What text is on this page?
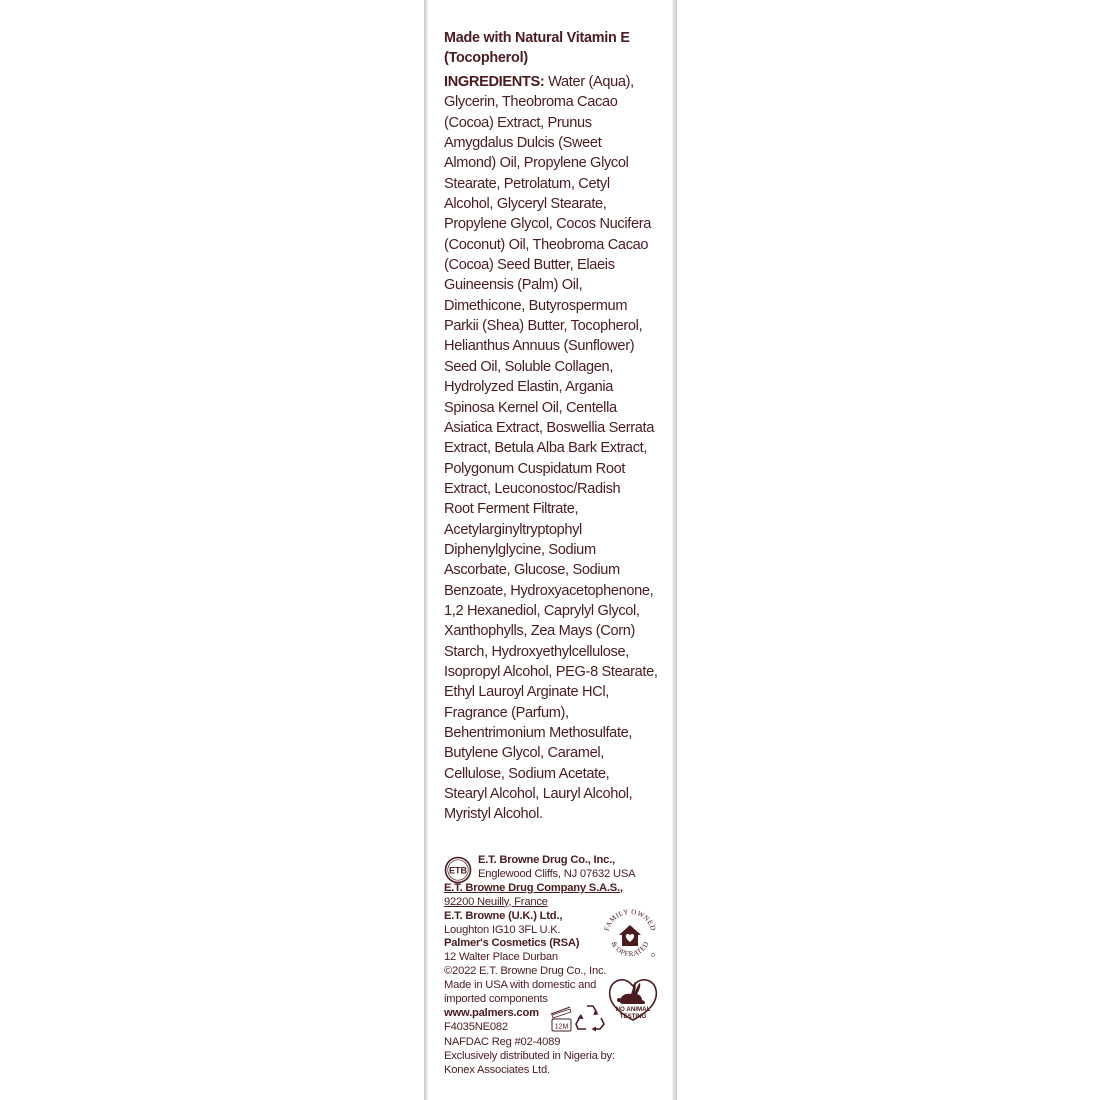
Made with Natural Vitamin E
(Tocopherol)
INGREDIENTS: Water (Aqua),
Glycerin, Theobroma Cacao
(Cocoa) Extract, Prunus
Amygdalus Dulcis (Sweet
Almond) Oil, Propylene Glycol
Stearate, Petrolatum, Cetyl
Alcohol, Glyceryl Stearate,
Propylene Glycol, Cocos Nucifera
(Coconut) Oil, Theobroma Cacao
(Cocoa) Seed Butter, Elaeis
Guineensis (Palm) Oil,
Dimethicone, Butyrospermum
Parkii (Shea) Butter, Tocopherol,
Helianthus Annuus (Sunflower)
Seed Oil, Soluble Collagen,
Hydrolyzed Elastin, Argania
Spinosa Kernel Oil, Centella
Asiatica Extract, Boswellia Serrata
Extract, Betula Alba Bark Extract,
Polygonum Cuspidatum Root
Extract, Leuconostoc/Radish
Root Ferment Filtrate,
Acetylarginyltryptophyl
Diphenylglycine, Sodium
Ascorbate, Glucose, Sodium
Benzoate, Hydroxyacetophenone,
1,2 Hexanediol, Caprylyl Glycol,
Xanthophylls, Zea Mays (Corn)
Starch, Hydroxyethylcellulose,
Isopropyl Alcohol, PEG-8 Stearate,
Ethyl Lauroyl Arginate HCl,
Fragrance (Parfum),
Behentrimonium Methosulfate,
Butylene Glycol, Caramel,
Cellulose, Sodium Acetate,
Stearyl Alcohol, Lauryl Alcohol,
Myristyl Alcohol.
ETB
E.T. Browne Drug Co., Inc.,
Englewood Cliffs, NJ 07632 USA
E.T. Browne Drug Company S.A.S.,
92200 Neuilly, France
E.T. Browne (U.K.) Ltd.,
Loughton IG10 3FL U.K.
Palmer's Cosmetics (RSA)
12 Walter Place Durban
©2022 E.T. Browne Drug Co., Inc.
Made in USA with domestic and
imported components
www.palmers.com
F4035NE082
FAMILY OWNED
& OPERATED
NO ANIMAL
TESTING
12M
NAFDAC Reg #02-4089
Exclusively distributed in Nigeria by:
Konex Associates Ltd.
